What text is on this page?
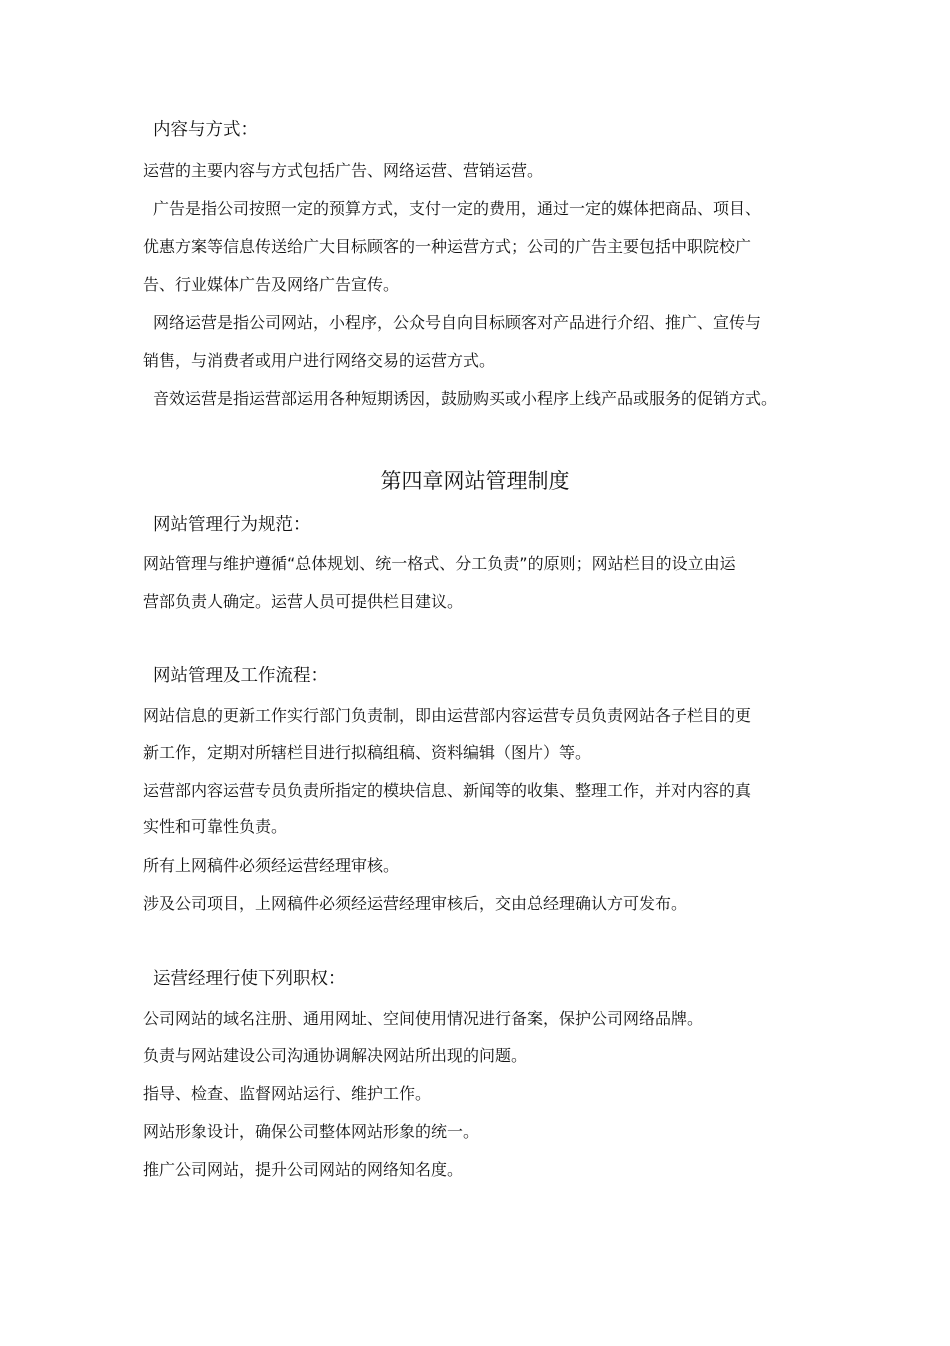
内容与方式：
运营的主要内容与方式包括广告、网络运营、营销运营。
广告是指公司按照一定的预算方式，支付一定的费用，通过一定的媒体把商品、项目、
优惠方案等信息传送给广大目标顾客的一种运营方式；公司的广告主要包括中职院校广
告、行业媒体广告及网络广告宣传。
网络运营是指公司网站，小程序，公众号自向目标顾客对产品进行介绍、推广、宣传与
销售，与消费者或用户进行网络交易的运营方式。
音效运营是指运营部运用各种短期诱因，鼓励购买或小程序上线产品或服务的促销方式。
第四章网站管理制度
网站管理行为规范：
网站管理与维护遵循“总体规划、统一格式、分工负责”的原则；网站栏目的设立由运
营部负责人确定。运营人员可提供栏目建议。
网站管理及工作流程：
网站信息的更新工作实行部门负责制，即由运营部内容运营专员负责网站各子栏目的更
新工作，定期对所辖栏目进行拟稿组稿、资料编辑（图片）等。
运营部内容运营专员负责所指定的模块信息、新闻等的收集、整理工作，并对内容的真
实性和可靠性负责。
所有上网稿件必须经运营经理审核。
涉及公司项目，上网稿件必须经运营经理审核后，交由总经理确认方可发布。
运营经理行使下列职权：
公司网站的域名注册、通用网址、空间使用情况进行备案，保护公司网络品牌。
负责与网站建设公司沟通协调解决网站所出现的问题。
指导、检查、监督网站运行、维护工作。
网站形象设计，确保公司整体网站形象的统一。
推广公司网站，提升公司网站的网络知名度。
